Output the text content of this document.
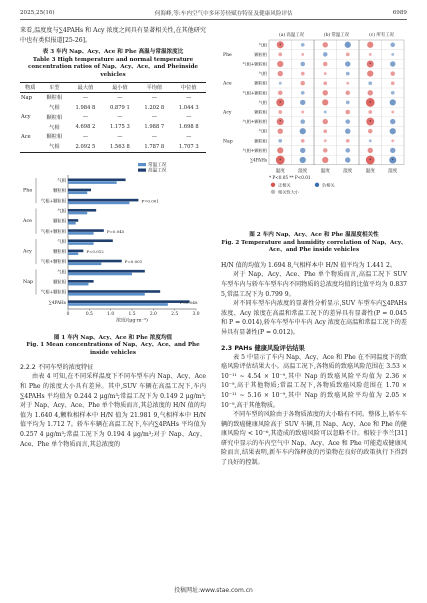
2025,25(16)	何海峰,等:车内空气中多环芳烃赋存特征及健康风险评估	6989

来看,温度度与∑4PAHs 和 Acy 浓度之间具有显著相关性,在其他研究中也有类似报道[25-26]。

表 3 车内 Nap、Acy、Ace 和 Phe 高温与常温浓度比
Table 3 High temperature and normal temperature concentration ratios of Nap、Acy、Ace、and Pheinside vehicles
物质	车型	最大值	最小值	平均值	中位值
Nap	颗粒相	—	—	—	—
	气相	1.984 8	0.879 1	1.202 8	1.044 3
Acy	颗粒相	—	—	—	—
	气相	4.698 2	1.175 3	1.988 7	1.698 8
Ace	颗粒相	—	—	—	—
	气相	2.092 5	1.563 8	1.787 8	1.707 3
常温工况
高温工况
0	0.5	1.0	1.5	2.0	2.5	3.0
浓度/(μg·m⁻³)
气相
颗粒相
气相+颗粒相
气相
颗粒相
气相+颗粒相
气相
颗粒相
气相+颗粒相
气相
颗粒相
气相+颗粒相
∑4PAHs
Phe
Ace
Acy
Nap
P=0.001
P=0.045
P=0.012
P=0.001
P=0.048
图 1 车内 Nap、Acy、Ace 和 Phe 浓度均值
Fig. 1 Mean concentrations of Nap、Acy、Ace、and Phe inside vehicles
2.2.2 不同车型的浓度特征

由表 4 可知,在不同采样温度下不同车型车内 Nap、Acy、Ace 和 Phe 的浓度大小具有差异。其中,SUV 车辆在高温工况下,车内∑4PAHs 平均值为 0.244 2 μg/m³;常温工况下为 0.149 2 μg/m³;对于 Nap、Acy、Ace、Phe 单个物质而言,其总浓度的 H/N 值的均值为 1.640 4,颗粒相样本中 H/N 值为 21.981 9,气相样本中 H/N 值平均为 1.712 7。轿车车辆在高温工况下,车内∑4PAHs 平均值为 0.257 4 μg/m³;常温工况下为 0.194 4 μg/m³;对于 Nap、Acy、Ace、Phe 单个物质而言,其总浓度的

(a) 高温工况	(b) 常温工况	(c) 所有工况
气相
颗粒相
气相+颗粒相
气相
颗粒相
气相+颗粒相
气相
颗粒相
气相+颗粒相
气相
颗粒相
气相+颗粒相
∑4PAHs
Phe
Ace
Acy
Nap
温度	湿度	温度	湿度	温度	湿度
*
*
*	*
*	*
*	*	*
* P<0.05 ** P<0.01
正相关	负相关
相关性大小
图 2 车内 Nap、Acy、Ace 和 Phe 温湿度相关性
Fig. 2 Temperature and humidity correlation of Nap、Acy、Ace、and Phe inside vehicles

H/N 值的均值为 1.694 8,气相样本中 H/N 值平均为 1.441 2。

对于 Nap、Acy、Ace、Phe 单个物质而言,高温工况下 SUV 车型车内与轿车车型车内不同物质的总浓度均值的比值平均为 0.837 5,常温工况下为 0.799 9。

对不同车型车内浓度的显著性分析显示,SUV 车型车内∑4PAHs 浓度、Acy 浓度在高温和常温工况下的差异具有显著性(P = 0.045 和 P = 0.014),轿车车型车中车内 Acy 浓度在高温和常温工况下的差异具有显著性(P = 0.012)。

2.3 PAHs 健康风险评估结果

表 5 中显示了车内 Nap、Acy、Ace 和 Phe 在不同温度下的致癌风险评估结果大小。高温工况下,各物质的致癌风险范围在 3.53 × 10⁻¹¹ ~ 4.54 × 10⁻⁹,其中 Nap 的致癌风险平均值为 2.36 × 10⁻⁹,高于其他物质;常温工况下,各物质致癌风险范围在 1.70 × 10⁻¹¹ ~ 5.16 × 10⁻⁹,其中 Nap 的致癌风险平均值为 2.05 × 10⁻⁹,高于其他物质。

不同车型的风险由于各物质浓度的大小略有不同。整体上,轿车车辆的致癌健康风险高于 SUV 车辆,且 Nap、Acy、Ace 和 Phe 的健康风险均 < 10⁻⁶,其造成的致癌风险可以忽略不计。相较于李兰[31]研究中显示的车内空气中 Nap、Acy、Ace 和 Phe 可能造成健康风险而言,结果表明,新车车内饰释放的污染物在良好的政策执行下得到了良好的控制。

投稿网址:www.stae.com.cn
